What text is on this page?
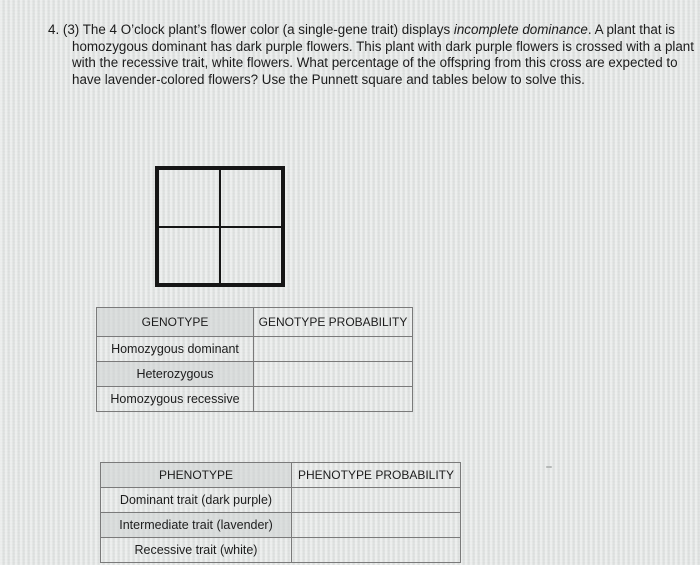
4. (3) The 4 O’clock plant’s flower color (a single-gene trait) displays incomplete dominance. A plant that is homozygous dominant has dark purple flowers. This plant with dark purple flowers is crossed with a plant with the recessive trait, white flowers. What percentage of the offspring from this cross are expected to have lavender-colored flowers? Use the Punnett square and tables below to solve this.
GENOTYPE	GENOTYPE PROBABILITY
Homozygous dominant	
Heterozygous	
Homozygous recessive	
PHENOTYPE	PHENOTYPE PROBABILITY
Dominant trait (dark purple)	
Intermediate trait (lavender)	
Recessive trait (white)	
